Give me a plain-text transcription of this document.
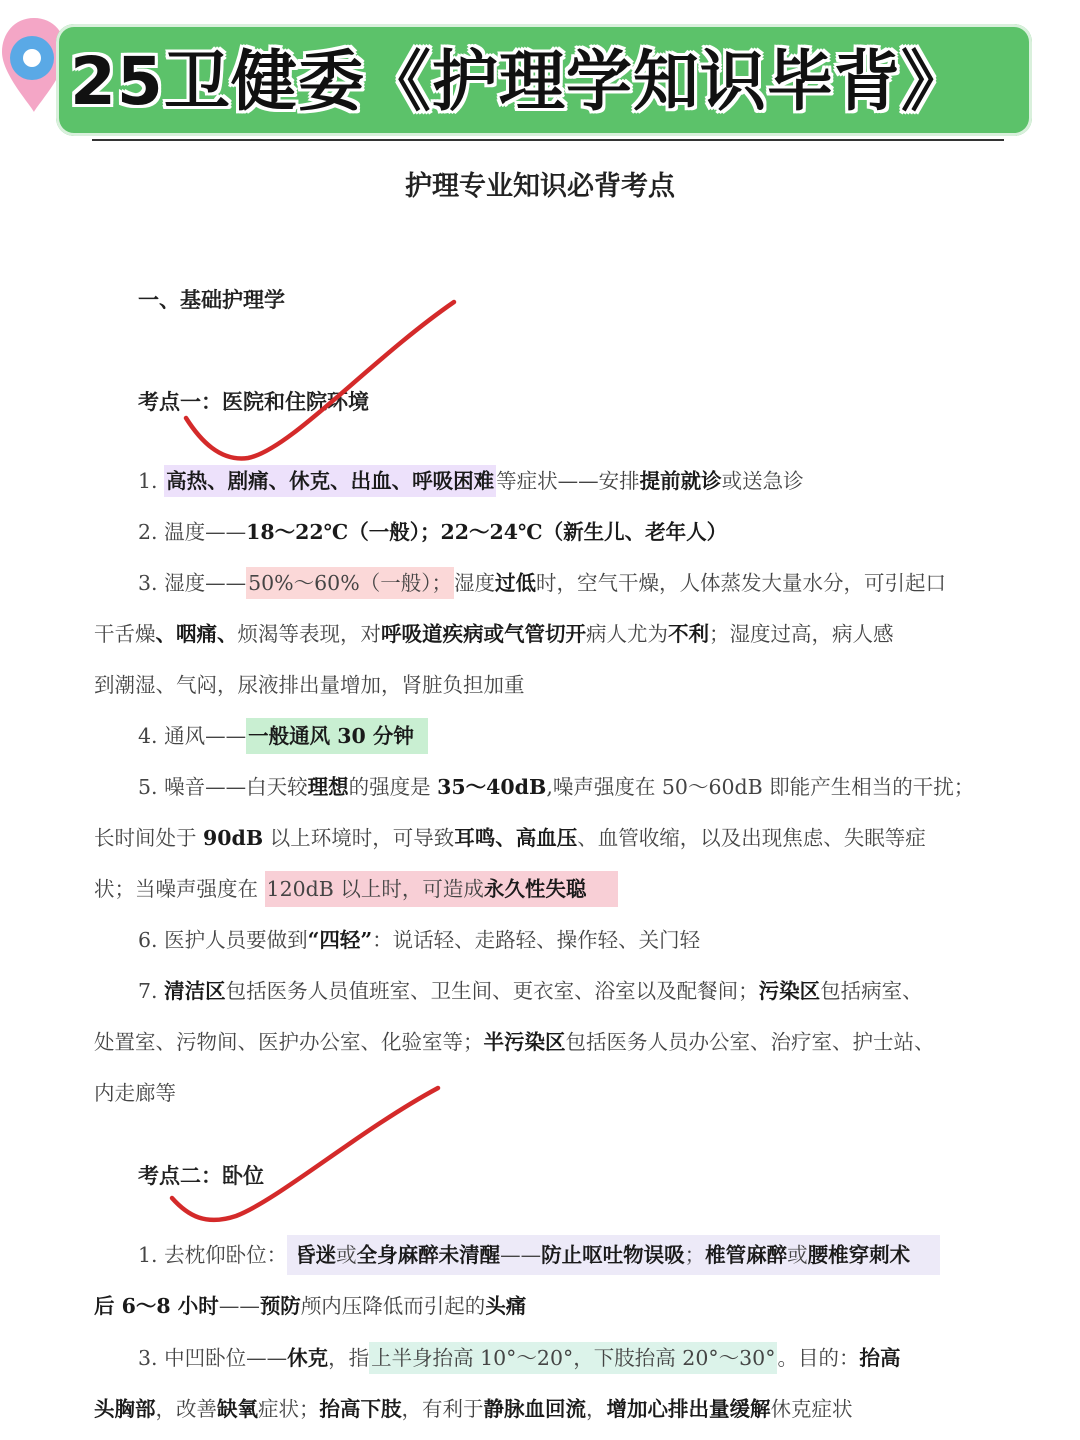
25卫健委《护理学知识毕背》
护理专业知识必背考点
一、基础护理学
考点一：医院和住院环境
1. 高热、剧痛、休克、出血、呼吸困难等症状——安排提前就诊或送急诊
2. 温度——18～22℃（一般）；22～24℃（新生儿、老年人）
3. 湿度——50%～60%（一般）；湿度过低时，空气干燥，人体蒸发大量水分，可引起口
干舌燥、咽痛、烦渴等表现，对呼吸道疾病或气管切开病人尤为不利；湿度过高，病人感
到潮湿、气闷，尿液排出量增加，肾脏负担加重
4. 通风——一般通风 30 分钟
5. 噪音——白天较理想的强度是 35～40dB,噪声强度在 50～60dB 即能产生相当的干扰；
长时间处于 90dB 以上环境时，可导致耳鸣、高血压、血管收缩，以及出现焦虑、失眠等症
状；当噪声强度在 120dB 以上时，可造成永久性失聪
6. 医护人员要做到“四轻”：说话轻、走路轻、操作轻、关门轻
7. 清洁区包括医务人员值班室、卫生间、更衣室、浴室以及配餐间；污染区包括病室、
处置室、污物间、医护办公室、化验室等；半污染区包括医务人员办公室、治疗室、护士站、
内走廊等
考点二：卧位
1. 去枕仰卧位： 昏迷或全身麻醉未清醒——防止呕吐物误吸；椎管麻醉或腰椎穿刺术
后 6～8 小时——预防颅内压降低而引起的头痛
3. 中凹卧位——休克，指上半身抬高 10°～20°，下肢抬高 20°～30°。目的：抬高
头胸部，改善缺氧症状；抬高下肢，有利于静脉血回流，增加心排出量缓解休克症状
